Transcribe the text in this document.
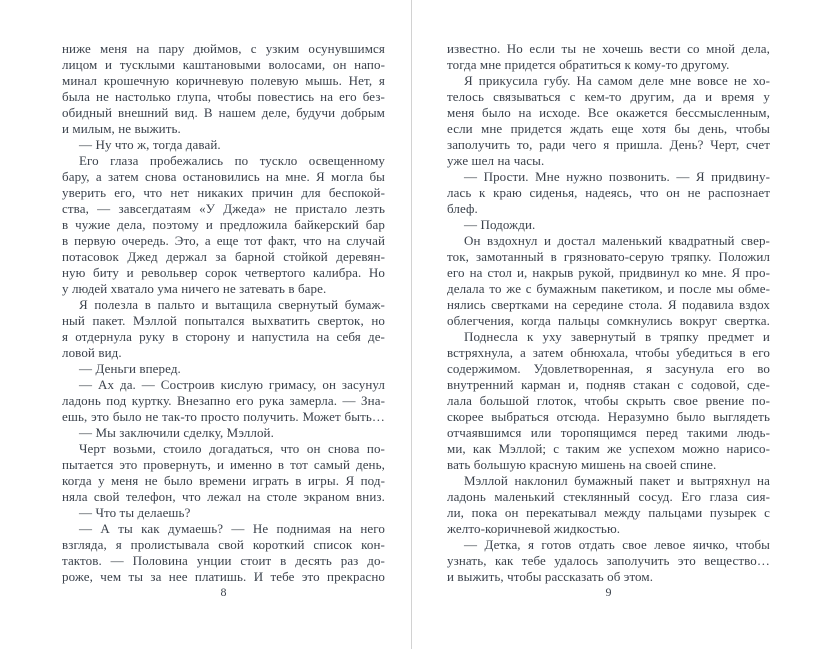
ниже меня на пару дюймов, с узким осунувшимся
лицом и тусклыми каштановыми волосами, он напо-
минал крошечную коричневую полевую мышь. Нет, я
была не настолько глупа, чтобы повестись на его без-
обидный внешний вид. В нашем деле, будучи добрым
и милым, не выжить.
— Ну что ж, тогда давай.
Его глаза пробежались по тускло освещенному
бару, а затем снова остановились на мне. Я могла бы
уверить его, что нет никаких причин для беспокой-
ства, — завсегдатаям «У Джеда» не пристало лезть
в чужие дела, поэтому и предложила байкерский бар
в первую очередь. Это, а еще тот факт, что на случай
потасовок Джед держал за барной стойкой деревян-
ную биту и револьвер сорок четвертого калибра. Но
у людей хватало ума ничего не затевать в баре.
Я полезла в пальто и вытащила свернутый бумаж-
ный пакет. Мэллой попытался выхватить сверток, но
я отдернула руку в сторону и напустила на себя де-
ловой вид.
— Деньги вперед.
— Ах да. — Состроив кислую гримасу, он засунул
ладонь под куртку. Внезапно его рука замерла. — Зна-
ешь, это было не так-то просто получить. Может быть…
— Мы заключили сделку, Мэллой.
Черт возьми, стоило догадаться, что он снова по-
пытается это провернуть, и именно в тот самый день,
когда у меня не было времени играть в игры. Я под-
няла свой телефон, что лежал на столе экраном вниз.
— Что ты делаешь?
— А ты как думаешь? — Не поднимая на него
взгляда, я пролистывала свой короткий список кон-
тактов. — Половина унции стоит в десять раз до-
роже, чем ты за нее платишь. И тебе это прекрасно
8
известно. Но если ты не хочешь вести со мной дела,
тогда мне придется обратиться к кому-то другому.
Я прикусила губу. На самом деле мне вовсе не хо-
телось связываться с кем-то другим, да и время у
меня было на исходе. Все окажется бессмысленным,
если мне придется ждать еще хотя бы день, чтобы
заполучить то, ради чего я пришла. День? Черт, счет
уже шел на часы.
— Прости. Мне нужно позвонить. — Я придвину-
лась к краю сиденья, надеясь, что он не распознает
блеф.
— Подожди.
Он вздохнул и достал маленький квадратный свер-
ток, замотанный в грязновато-серую тряпку. Положил
его на стол и, накрыв рукой, придвинул ко мне. Я про-
делала то же с бумажным пакетиком, и после мы обме-
нялись свертками на середине стола. Я подавила вздох
облегчения, когда пальцы сомкнулись вокруг свертка.
Поднесла к уху завернутый в тряпку предмет и
встряхнула, а затем обнюхала, чтобы убедиться в его
содержимом. Удовлетворенная, я засунула его во
внутренний карман и, подняв стакан с содовой, сде-
лала большой глоток, чтобы скрыть свое рвение по-
скорее выбраться отсюда. Неразумно было выглядеть
отчаявшимся или торопящимся перед такими людь-
ми, как Мэллой; с таким же успехом можно нарисо-
вать большую красную мишень на своей спине.
Мэллой наклонил бумажный пакет и вытряхнул на
ладонь маленький стеклянный сосуд. Его глаза сия-
ли, пока он перекатывал между пальцами пузырек с
желто-коричневой жидкостью.
— Детка, я готов отдать свое левое яичко, чтобы
узнать, как тебе удалось заполучить это вещество…
и выжить, чтобы рассказать об этом.
9
